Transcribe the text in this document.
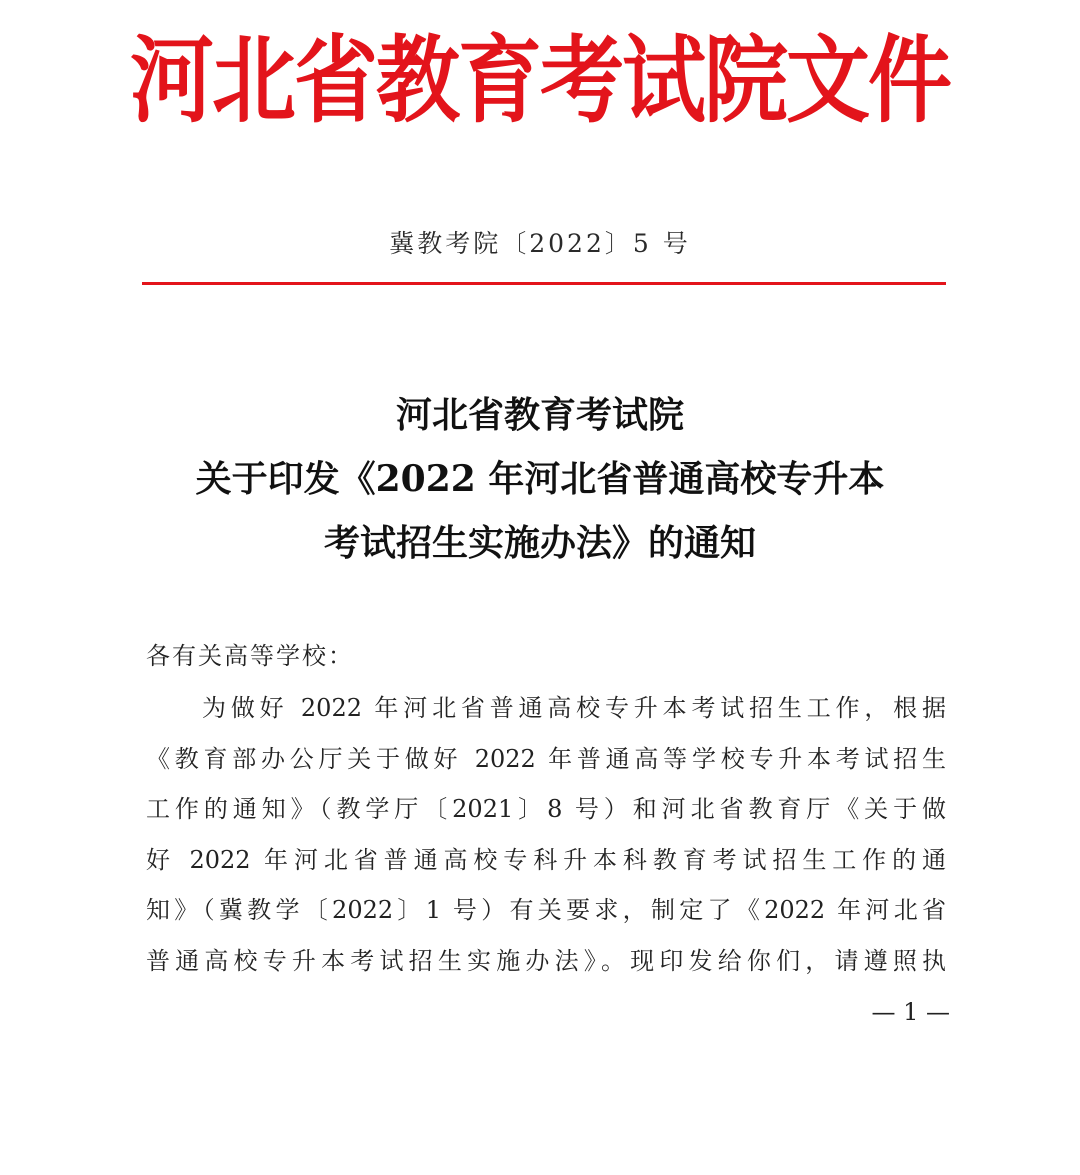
河北省教育考试院文件
冀教考院〔2022〕5 号
河北省教育考试院
关于印发《2022 年河北省普通高校专升本
考试招生实施办法》的通知
各有关高等学校：
为做好 2022 年河北省普通高校专升本考试招生工作，根据
《教育部办公厅关于做好 2022 年普通高等学校专升本考试招生
工作的通知》（教学厅〔2021〕8 号）和河北省教育厅《关于做
好 2022 年河北省普通高校专科升本科教育考试招生工作的通
知》（冀教学〔2022〕1 号）有关要求，制定了《2022 年河北省
普通高校专升本考试招生实施办法》。现印发给你们，请遵照执
— 1 —
